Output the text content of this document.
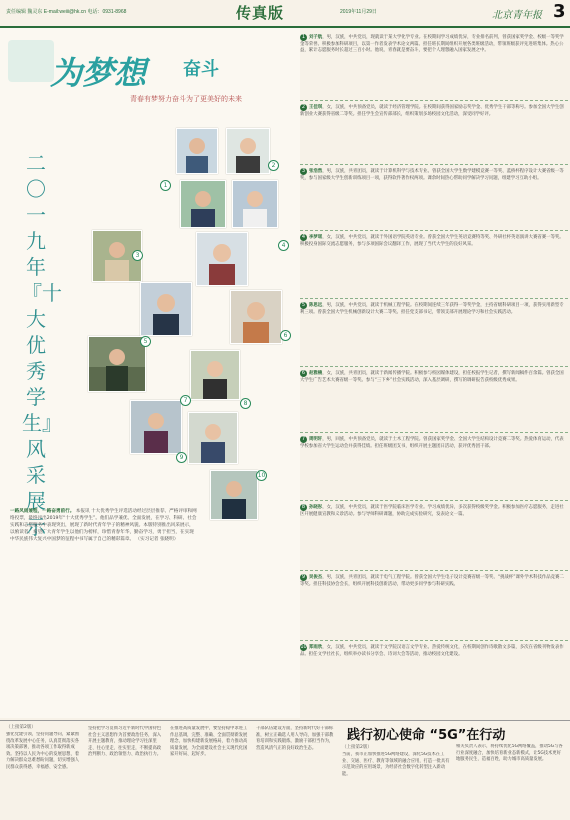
责任编辑 魏灵东 E-mail:weiii@hk.cn 电话：0931-8968	传真版	2019年11月29日	北京青年报 3
为梦想 奋斗
青春有梦努力奋斗为了更美好的未来
二〇一九年『十大优秀学生』风采展示
1
2
3
4
5
6
7	8
9
10
一路风雨兼程，一路奋勇前行。 本报讯 十大优秀学生评选活动经过层层推荐、严格评审和网络投票，最终评出2019年“十大优秀学生”。他们品学兼优、全面发展，在学习、科研、社会实践和志愿服务中表现突出，展现了新时代青年学子的精神风貌。本版特别推出风采展示，以飨读者。希望广大青年学生以他们为榜样，珍惜青春年华，勤奋学习，勇于担当，在实现中华民族伟大复兴中国梦的征程中书写属于自己的精彩篇章。 （实习记者 张晓明）
1 刘子航，男，汉族，中共党员，现就读于某大学化学专业。在校期间学习成绩优异，专业排名前列，曾获国家奖学金、校级一等奖学金等荣誉。积极参加科研项目，以第一作者发表学术论文两篇。担任班长期间组织开展各类班级活动，带领班级获评先进班集体。热心公益，累计志愿服务时长超过三百小时。他说，青春就是要奋斗，要把个人理想融入国家发展之中。
2 王佳琪，女，汉族，中共预备党员，就读于经济管理学院。在校期间获得国家励志奖学金、优秀学生干部等称号。参加全国大学生创新创业大赛获得省级二等奖。担任学生会宣传部部长，组织策划多场校园文化活动，深受同学好评。
3 张浩然，男，汉族，共青团员，就读于计算机科学与技术专业。曾获全国大学生数学建模竞赛一等奖、蓝桥杯程序设计大赛省级一等奖，参与国家级大学生创新训练项目一项，获得软件著作权两项。课余时间热心帮助同学解决学习问题，组建学习互助小组。
4 李梦瑶，女，汉族，中共党员，就读于外国语学院英语专业。曾获全国大学生英语竞赛特等奖、外研社杯英语演讲大赛省赛一等奖。积极投身国际交流志愿服务，参与多项国际会议翻译工作，展现了当代大学生的良好风采。
5 陈思远，男，汉族，中共党员，就读于机械工程学院。在校期间连续三年获得一等奖学金，主持省级科研项目一项，获得实用新型专利三项。曾获全国大学生机械创新设计大赛二等奖。担任党支部书记，带领支部开展理论学习和社会实践活动。
6 赵雅楠，女，汉族，共青团员，就读于新闻传播学院。积极参与校园媒体建设，担任校报学生记者，撰写新闻稿件百余篇。曾获全国大学生广告艺术大赛省级一等奖。参与“三下乡”社会实践活动，深入基层调研，撰写的调研报告获校级优秀成果。
7 周明轩，男，回族，中共预备党员，就读于土木工程学院。曾获国家奖学金、全国大学生结构设计竞赛二等奖。热爱体育运动，代表学校参加省大学生运动会并获得佳绩。担任班级团支书，组织开展主题团日活动，获评优秀团干部。
8 孙晓彤，女，汉族，中共党员，就读于医学院临床医学专业。学习成绩优异，多次获得校级奖学金。积极参加医疗志愿服务，走进社区开展健康宣教和义诊活动。参与导师科研课题，协助完成实验研究，发表论文一篇。
9 吴俊杰，男，汉族，共青团员，就读于电气工程学院。曾获全国大学生电子设计竞赛省级一等奖、“挑战杯”课外学术科技作品竞赛二等奖。担任科技协会会长，组织开展科技创新活动，带动更多同学参与科研实践。
10 郑雨欣，女，汉族，中共党员，就读于文学院汉语言文学专业。热爱传统文化，在校期间创作诗歌散文多篇，多次在省级刊物发表作品。担任文学社社长，组织举办读书分享会、诗词大会等活动，推动校园文化建设。
（上接第2版）
强化党建引领，坚持问题导向，紧紧围绕改革发展中心任务，认真贯彻落实各项决策部署，推动各项工作取得新成效。坚持以人民为中心的发展思想，着力解决群众急难愁盼问题，切实增强人民群众获得感、幸福感、安全感。
坚持把学习贯彻习近平新时代中国特色社会主义思想作为首要政治任务，深入开展主题教育，推动理论学习往深里走、往心里走、往实里走，不断提高政治判断力、政治领悟力、政治执行力。
在推进高质量发展中，要坚持稳中求进工作总基调，完整、准确、全面贯彻新发展理念，加快构建新发展格局，着力推动高质量发展，为全面建设社会主义现代化国家开好局、起好步。
干部队伍建设方面，坚持新时代好干部标准，树立正确选人用人导向，加强干部教育培训和实践锻炼，激励干部担当作为，营造风清气正的良好政治生态。
践行初心使命 “5G”在行动
（上接第2版）
当前，我市正加快推进5G网络建设，深化5G技术在工业、交通、医疗、教育等领域的融合应用，打造一批具有示范效应的应用场景，为经济社会数字化转型注入新动能。
相关负责人表示，将持续优化5G网络覆盖，推动5G与各行业深度融合，加快培育新业态新模式，让5G技术更好地服务民生、造福百姓，助力城市高质量发展。
